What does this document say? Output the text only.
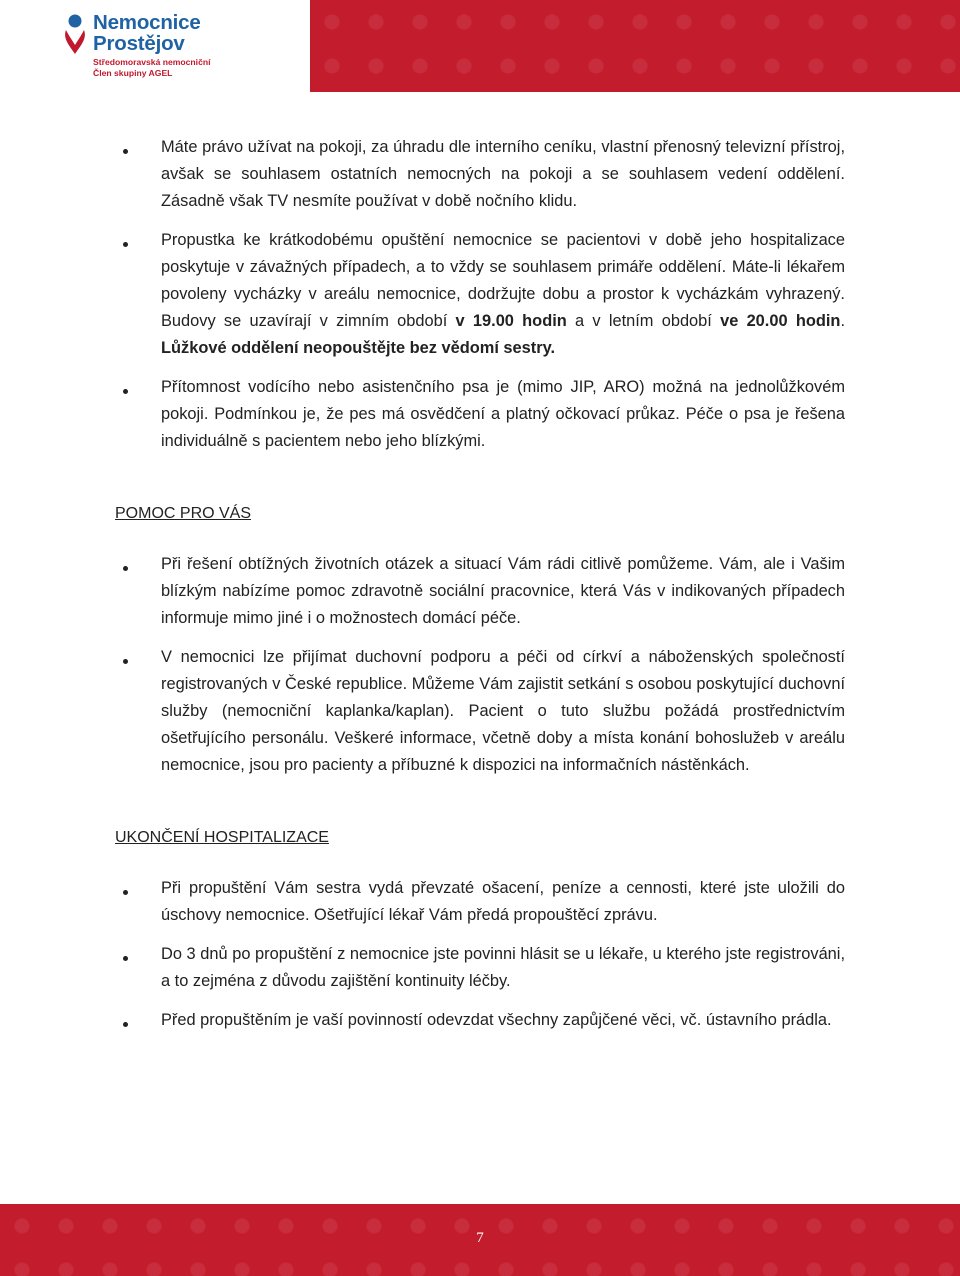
Nemocnice
Prostějov
Středomoravská nemocniční
Člen skupiny AGEL
Máte právo užívat na pokoji, za úhradu dle interního ceníku, vlastní přenosný televizní přístroj, avšak se souhlasem ostatních nemocných na pokoji a se souhlasem vedení oddělení. Zásadně však TV nesmíte používat v době nočního klidu.
Propustka ke krátkodobému opuštění nemocnice se pacientovi v době jeho hospitalizace poskytuje v závažných případech, a to vždy se souhlasem primáře oddělení. Máte-li lékařem povoleny vycházky v areálu nemocnice, dodržujte dobu a prostor k vycházkám vyhrazený. Budovy se uzavírají v zimním období v 19.00 hodin a v letním období ve 20.00 hodin. Lůžkové oddělení neopouštějte bez vědomí sestry.
Přítomnost vodícího nebo asistenčního psa je (mimo JIP, ARO) možná na jednolůžkovém pokoji. Podmínkou je, že pes má osvědčení a platný očkovací průkaz. Péče o psa je řešena individuálně s pacientem nebo jeho blízkými.
POMOC PRO VÁS
Při řešení obtížných životních otázek a situací Vám rádi citlivě pomůžeme. Vám, ale i Vašim blízkým nabízíme pomoc zdravotně sociální pracovnice, která Vás v indikovaných případech informuje mimo jiné i o možnostech domácí péče.
V nemocnici lze přijímat duchovní podporu a péči od církví a náboženských společností registrovaných v České republice. Můžeme Vám zajistit setkání s osobou poskytující duchovní služby (nemocniční kaplanka/kaplan). Pacient o tuto službu požádá prostřednictvím ošetřujícího personálu. Veškeré informace, včetně doby a místa konání bohoslužeb v areálu nemocnice, jsou pro pacienty a příbuzné k dispozici na informačních nástěnkách.
UKONČENÍ HOSPITALIZACE
Při propuštění Vám sestra vydá převzaté ošacení, peníze a cennosti, které jste uložili do úschovy nemocnice. Ošetřující lékař Vám předá propouštěcí zprávu.
Do 3 dnů po propuštění z nemocnice jste povinni hlásit se u lékaře, u kterého jste registrováni, a to zejména z důvodu zajištění kontinuity léčby.
Před propuštěním je vaší povinností odevzdat všechny zapůjčené věci, vč. ústavního prádla.
7
